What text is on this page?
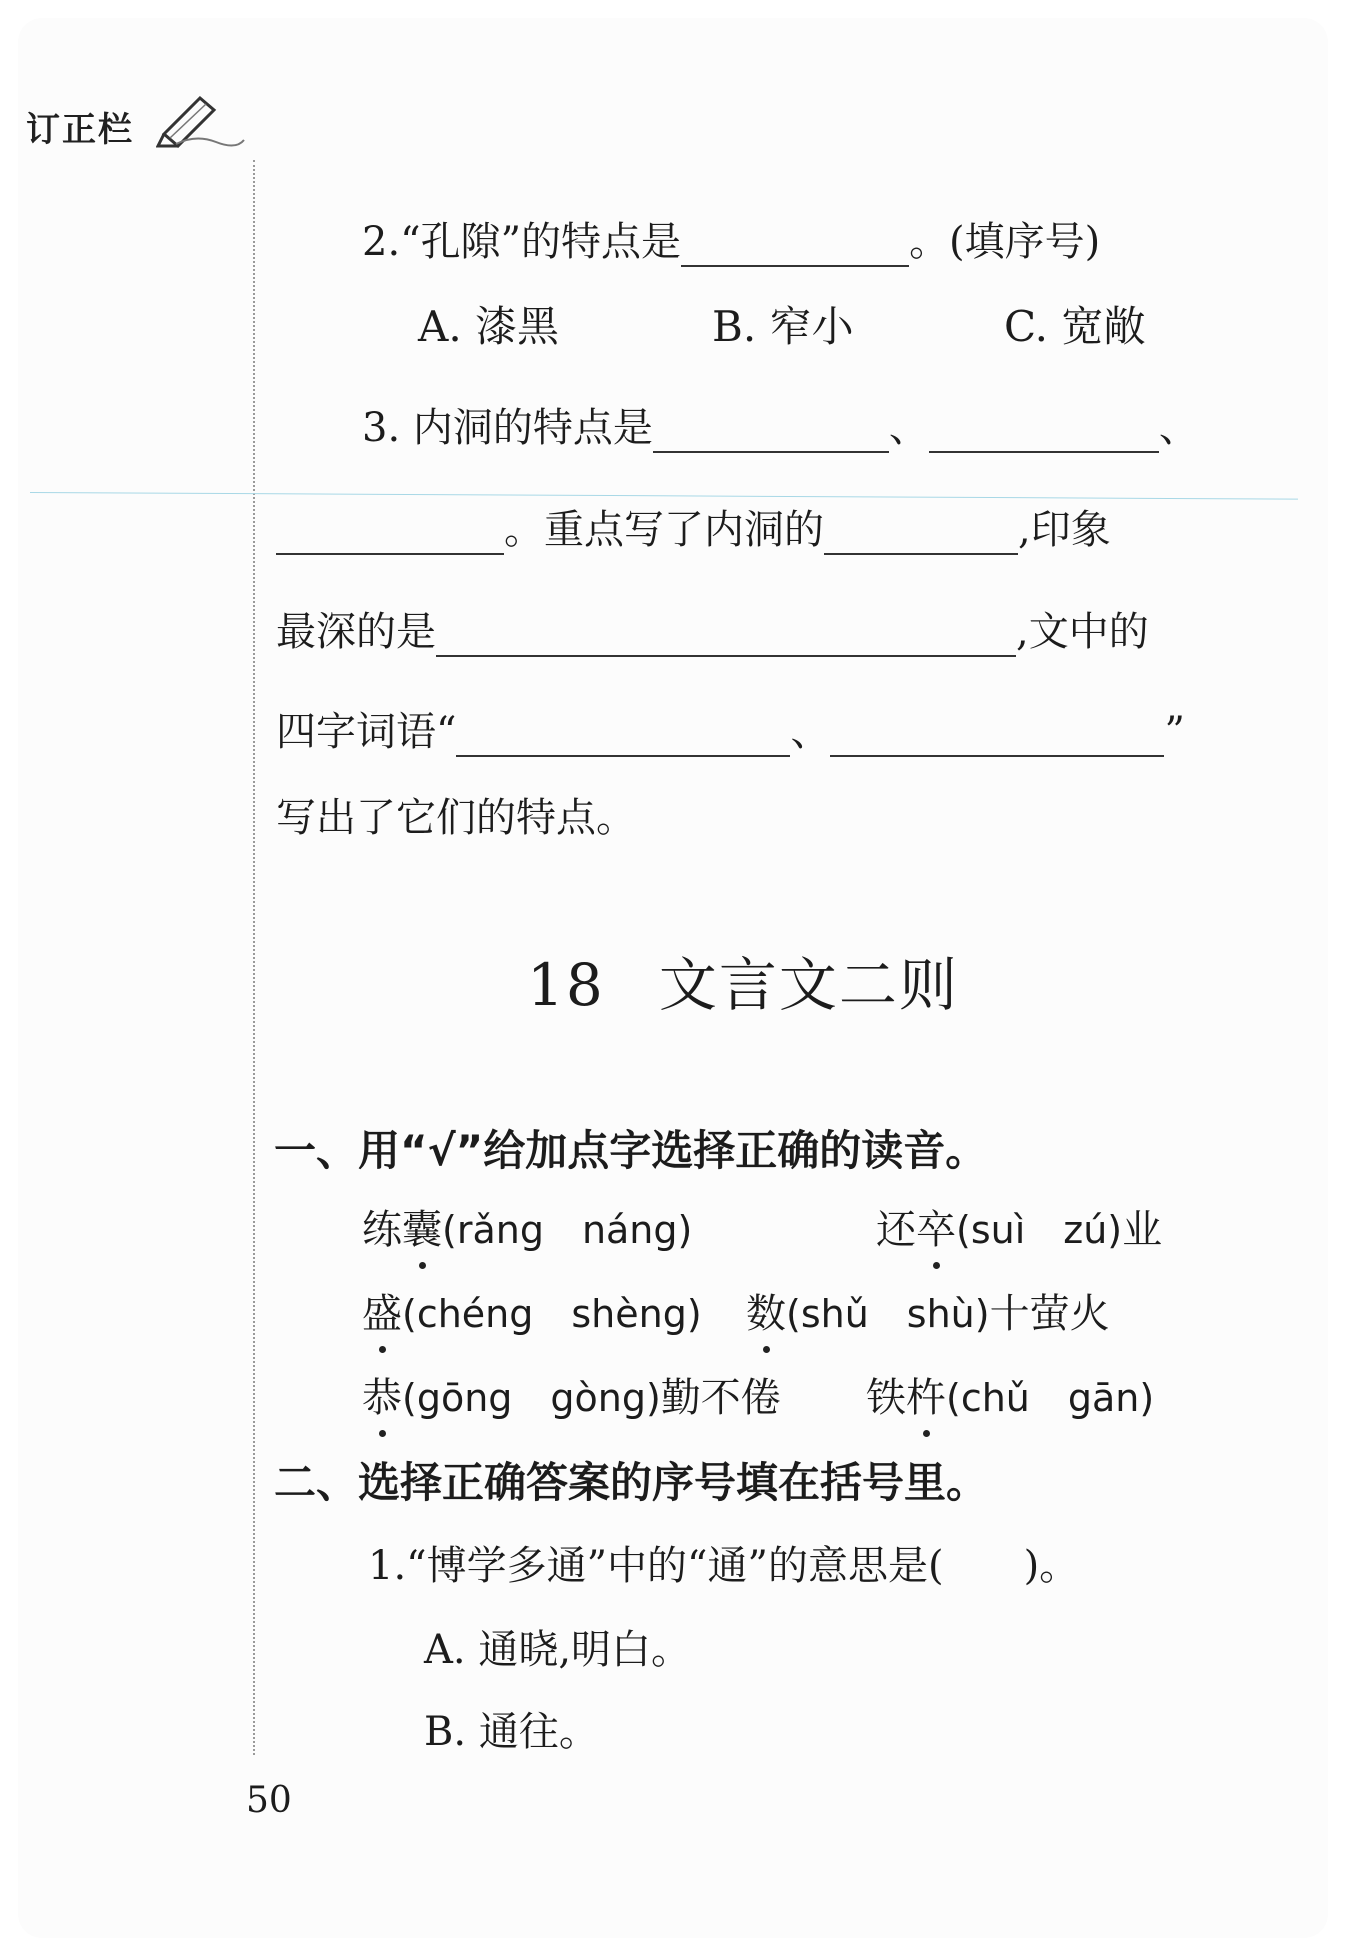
订正栏
2.“孔隙”的特点是	。(填序号)
A. 漆黑	B. 窄小	C. 宽敞
3. 内洞的特点是	、	、
。重点写了内洞的	,印象
最深的是	,文中的
四字词语“	、	”
写出了它们的特点。
18 文言文二则
一、用“√”给加点字选择正确的读音。
练囊(rǎng　náng)	还卒(suì　zú)业
盛(chéng　shèng) 数(shǔ　shù)十萤火
恭(gōng　gòng)勤不倦 铁杵(chǔ　gān)
二、选择正确答案的序号填在括号里。
1.“博学多通”中的“通”的意思是(　　)。
A. 通晓,明白。
B. 通往。
50
